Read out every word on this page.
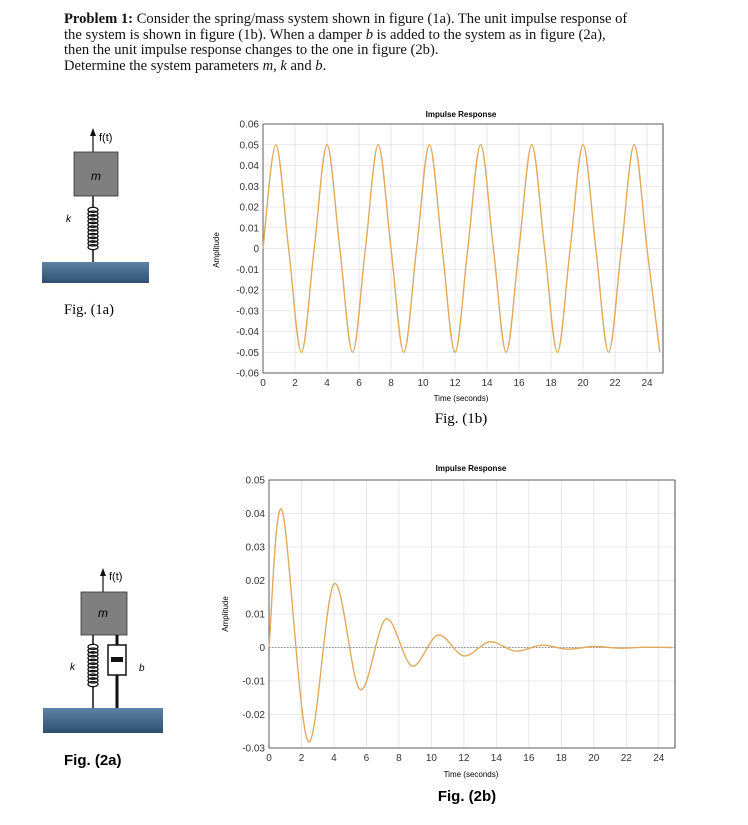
Problem 1: Consider the spring/mass system shown in figure (1a). The unit impulse response of

the system is shown in figure (1b). When a damper b is added to the system as in figure (2a),

then the unit impulse response changes to the one in figure (2b).

Determine the system parameters m, k and b.

f(t)
m
k
Fig. (1a)
f(t)
m
k	b
Fig. (2a)
Impulse Response
Time (seconds)
Amplitude
Fig. (1b)
0	2	4	6	8 10 12 14 16 18 20 22 24
0.06
0.05
0.04
0.03
0.02
0.01
0
-0.01
-0.02
-0.03
-0.04
-0.05
-0.06
Impulse Response
Time (seconds)
Amplitude
Fig. (2b)
0	2	4	6	8 10 12 14 16 18 20 22 24
0.05
0.04
0.03
0.02
0.01
0
-0.01
-0.02
-0.03
